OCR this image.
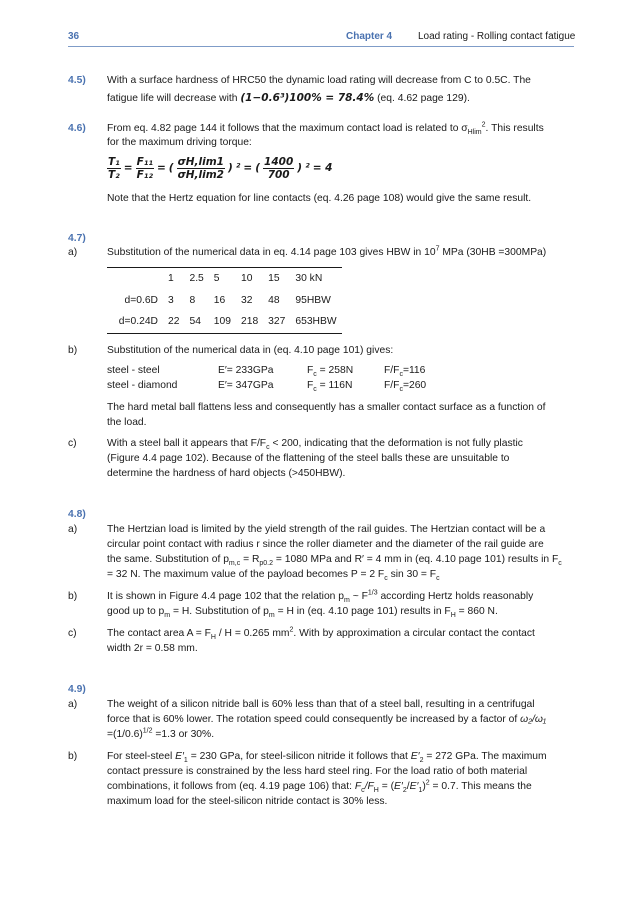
36	Chapter 4	Load rating - Rolling contact fatigue
4.5) With a surface hardness of HRC50 the dynamic load rating will decrease from C to 0.5C. The
fatigue life will decrease with (1−0.6³)100% = 78.4% (eq. 4.62 page 129).
4.6) From eq. 4.82 page 144 it follows that the maximum contact load is related to $\sigma_{Hlim}^2$. This results
for the maximum driving torque:
$\frac{\text{T₁}}{\text{T₂}} = \frac{\text{F₁₁}}{\text{F₁₂}}$ = ( $\frac{\sigma H,\lim 1}{\sigma H,\lim 2}$ ) ² = ( $\frac{1400}{700}$ ) ² = 4
Note that the Hertz equation for line contacts (eq. 4.26 page 108) would give the same result.
4.7)
a)	Substitution of the numerical data in eq. 4.14 page 103 gives HBW in $10^7$ MPa (30HB =300MPa)
	1	2.5	5	10	15	30 kN
d=0.6D	3	8	16	32	48	95HBW
d=0.24D	22	54	109	218	327	653HBW
b)	Substitution of the numerical data in (eq. 4.10 page 101) gives:
steel - steel	E′= 233GPa	$F_c = 258N$	$F/F_c=116$
steel - diamond	E′= 347GPa	$F_c = 116N$	$F/F_c=260$
The hard metal ball flattens less and consequently has a smaller contact surface as a function of
the load.
c)	With a steel ball it appears that $F/F_c < 200$, indicating that the deformation is not fully plastic
(Figure 4.4 page 102). Because of the flattening of the steel balls these are unsuitable to
determine the hardness of hard objects (>450HBW).
4.8)
a)	The Hertzian load is limited by the yield strength of the rail guides. The Hertzian contact will be a
circular point contact with radius r since the roller diameter and the diameter of the rail guide are
the same. Substitution of $p_{m,c} = R_{p0.2} = 1080$ MPa and R′ = 4 mm in (eq. 4.10 page 101) results in $F_c$
= 32 N. The maximum value of the payload becomes P = 2 $F_c$ $\sin 30 = F_c$
b)	It is shown in Figure 4.4 page 102 that the relation $p_m$ ~ $F^{1/3}$ according Hertz holds reasonably
good up to $p_m = H$. Substitution of $p_m = H$ in (eq. 4.10 page 101) results in $F_H = 860$ N.
c)	The contact area $A = F_H / H = 0.265$ $mm^2$. With by approximation a circular contact the contact
width 2r = 0.58 mm.
4.9)
a)	The weight of a silicon nitride ball is 60% less than that of a steel ball, resulting in a centrifugal
force that is 60% lower. The rotation speed could consequently be increased by a factor of ω₂/ω₁
$=(1/0.6)^{1/2} =1.3$ or 30%.
b)	For steel-steel $E'_1 = 230$ GPa, for steel-silicon nitride it follows that $E'_2 = 272$ GPa. The maximum
contact pressure is constrained by the less hard steel ring. For the load ratio of both material
combinations, it follows from (eq. 4.19 page 106) that: $F_c/F_H = (E'_2/E'_1)^2 = 0.7$. This means the
maximum load for the steel-silicon nitride contact is 30% less.
